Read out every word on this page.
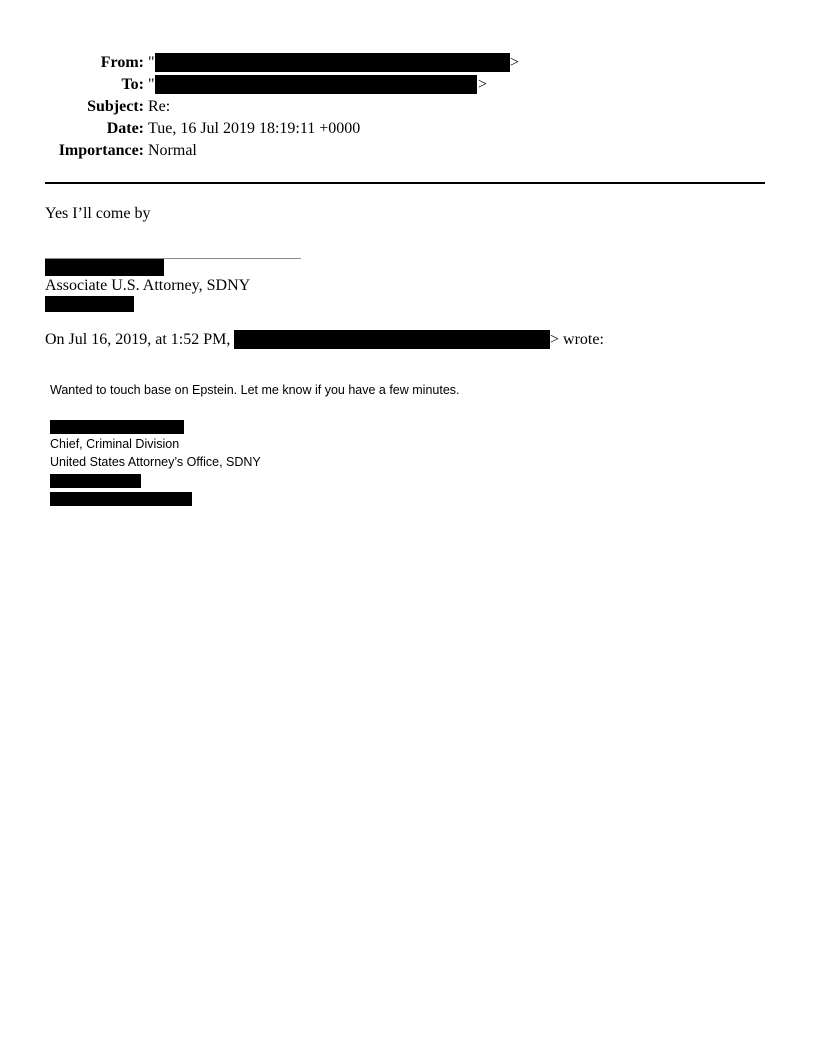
From: "	>
To: "	>
Subject: Re:
Date: Tue, 16 Jul 2019 18:19:11 +0000
Importance: Normal
Yes I’ll come by
Associate U.S. Attorney, SDNY
On Jul 16, 2019, at 1:52 PM,	> wrote:
Wanted to touch base on Epstein. Let me know if you have a few minutes.
Chief, Criminal Division
United States Attorney’s Office, SDNY
